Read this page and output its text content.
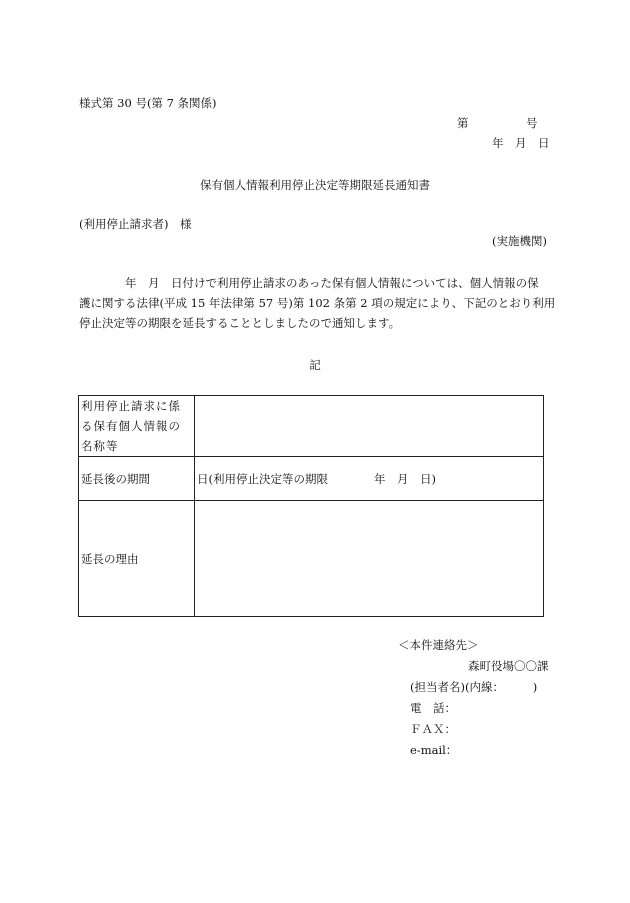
様式第 30 号(第 7 条関係)
第　　　　　号
年　月　日
保有個人情報利用停止決定等期限延長通知書
(利用停止請求者)　様
(実施機関)
　　　　年　月　日付けで利用停止請求のあった保有個人情報については、個人情報の保
護に関する法律(平成 15 年法律第 57 号)第 102 条第 2 項の規定により、下記のとおり利用
停止決定等の期限を延長することとしましたので通知します。
記
利用停止請求に係る保有個人情報の名称等	

延長後の期間	日(利用停止決定等の期限　　　　年　月　日)
延長の理由	
＜本件連絡先＞
森町役場〇〇課
(担当者名)(内線：　　　)
電　話：
ＦＡＸ：
e-mail：
